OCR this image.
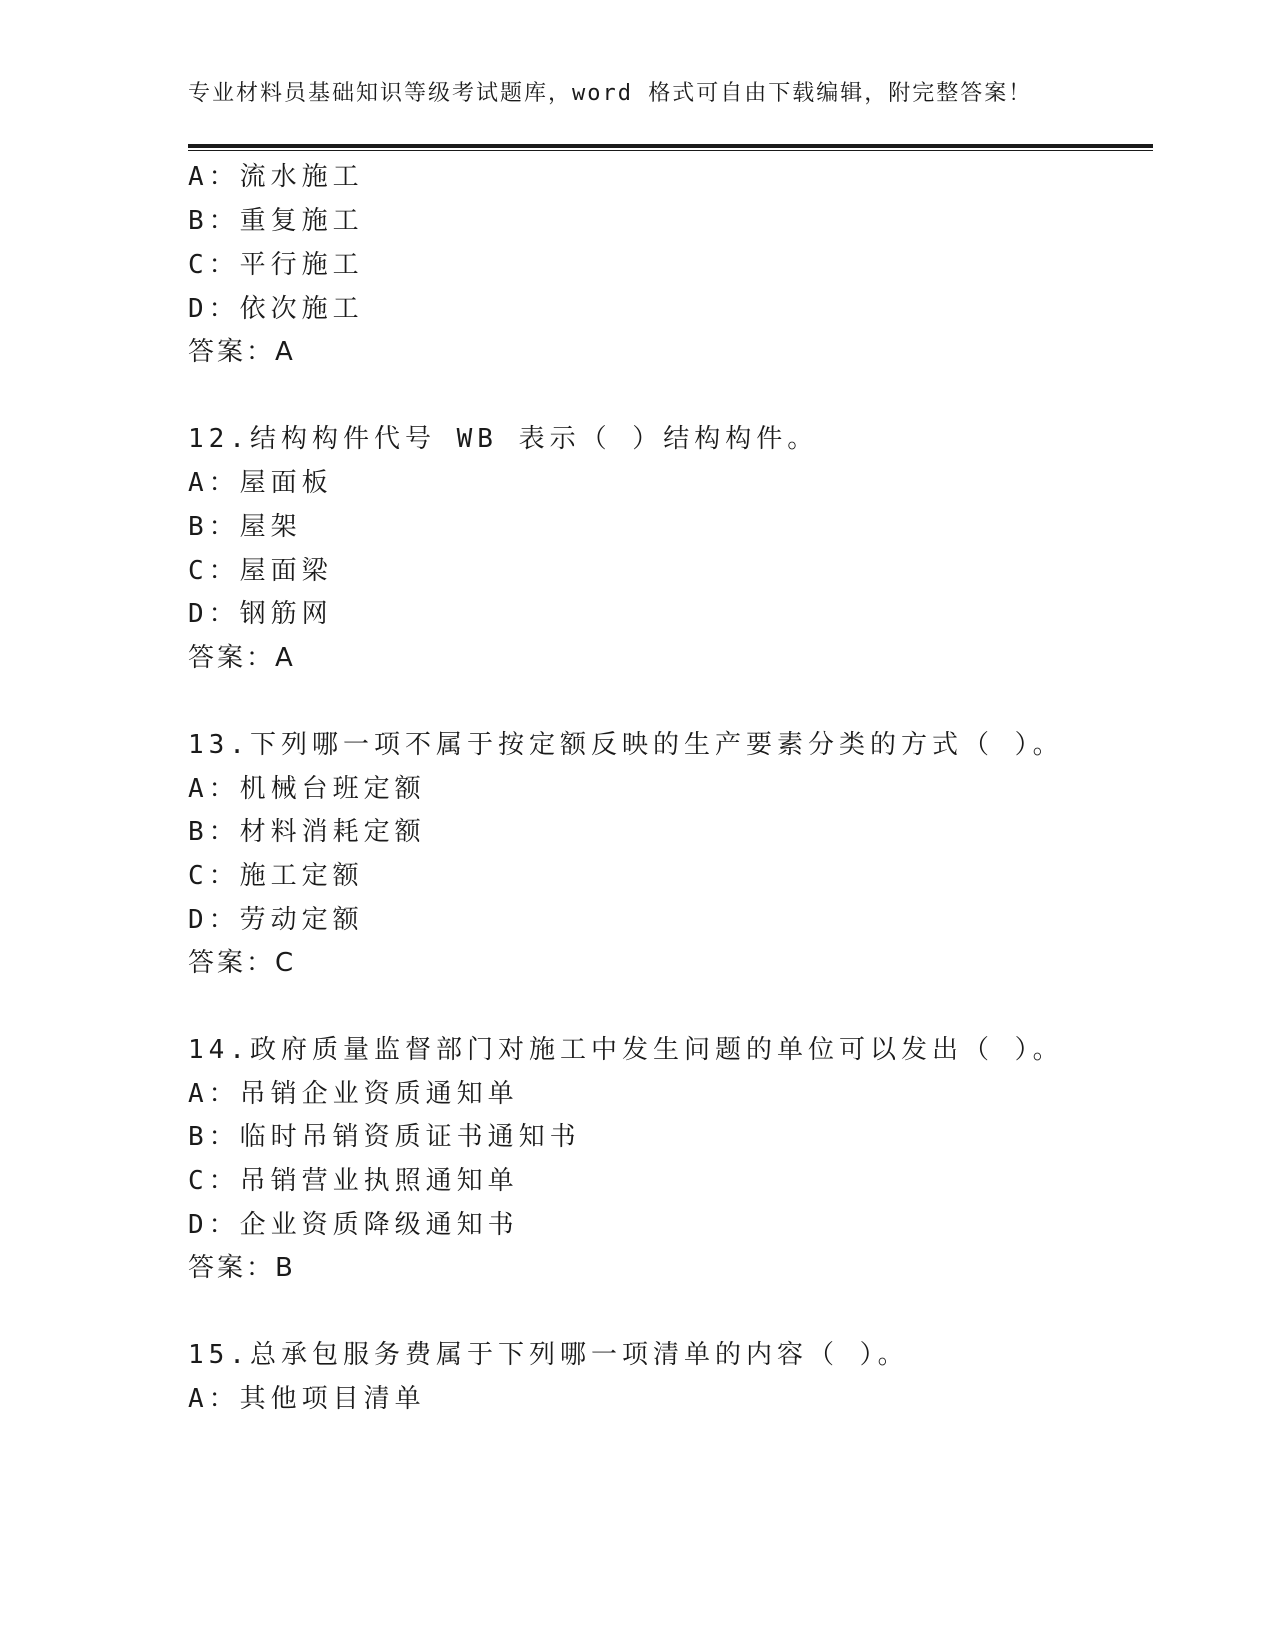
专业材料员基础知识等级考试题库，word 格式可自由下载编辑，附完整答案！
A：流水施工
B：重复施工
C：平行施工
D：依次施工
答案：A
12.结构构件代号 WB 表示（ ）结构构件。
A：屋面板
B：屋架
C：屋面梁
D：钢筋网
答案：A
13.下列哪一项不属于按定额反映的生产要素分类的方式（ ）。
A：机械台班定额
B：材料消耗定额
C：施工定额
D：劳动定额
答案：C
14.政府质量监督部门对施工中发生问题的单位可以发出（ ）。
A：吊销企业资质通知单
B：临时吊销资质证书通知书
C：吊销营业执照通知单
D：企业资质降级通知书
答案：B
15.总承包服务费属于下列哪一项清单的内容（ ）。
A：其他项目清单
